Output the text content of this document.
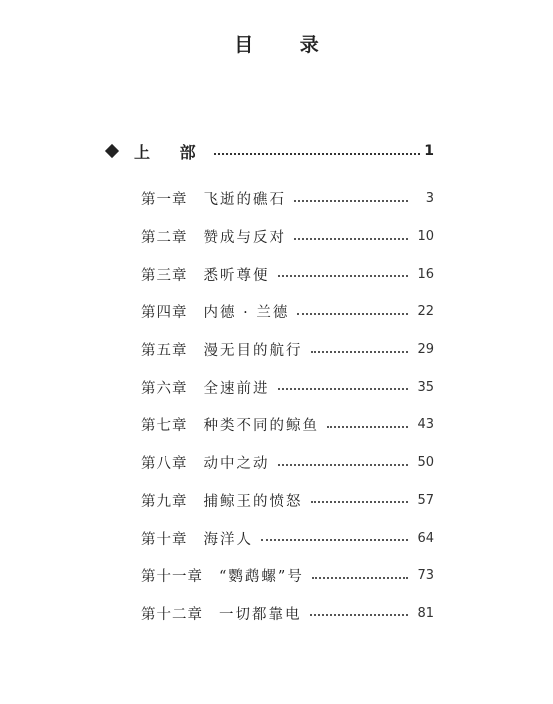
目 录
上 部	1
第一章 飞逝的礁石	3
第二章 赞成与反对	10
第三章 悉听尊便	16
第四章 内德 · 兰德	22
第五章 漫无目的航行	29
第六章 全速前进	35
第七章 种类不同的鲸鱼	43
第八章 动中之动	50
第九章 捕鲸王的愤怒	57
第十章 海洋人	64
第十一章 “鹦鹉螺”号	73
第十二章 一切都靠电	81
